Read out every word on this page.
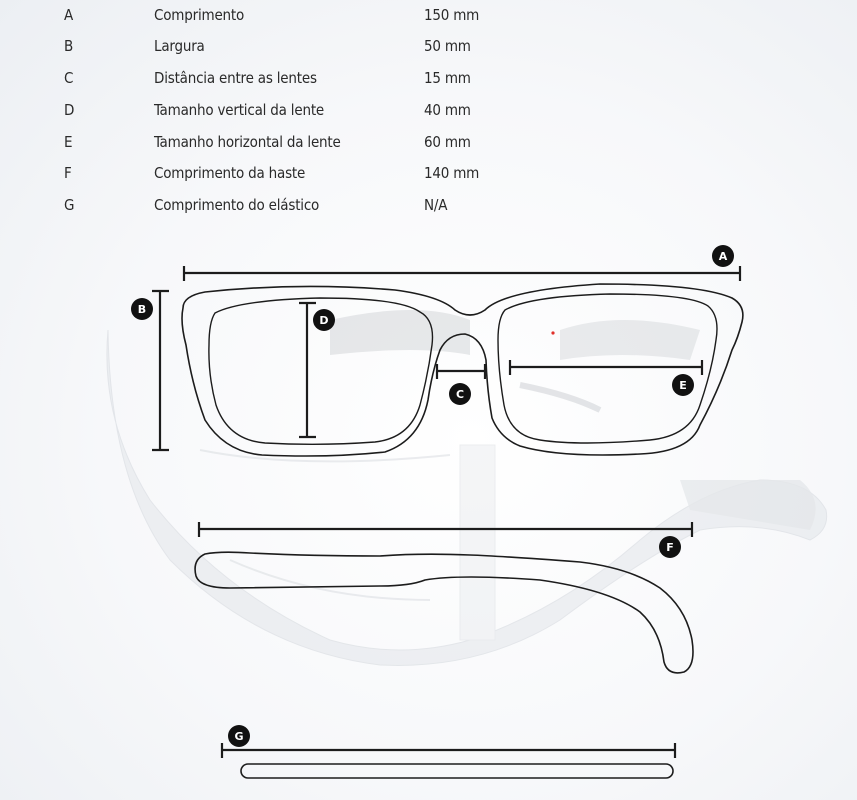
A	Comprimento	150 mm
B	Largura	50 mm
C	Distância entre as lentes	15 mm
D	Tamanho vertical da lente	40 mm
E	Tamanho horizontal da lente	60 mm
F	Comprimento da haste	140 mm
G	Comprimento do elástico	N/A
A
B
C
D
E
F
G
